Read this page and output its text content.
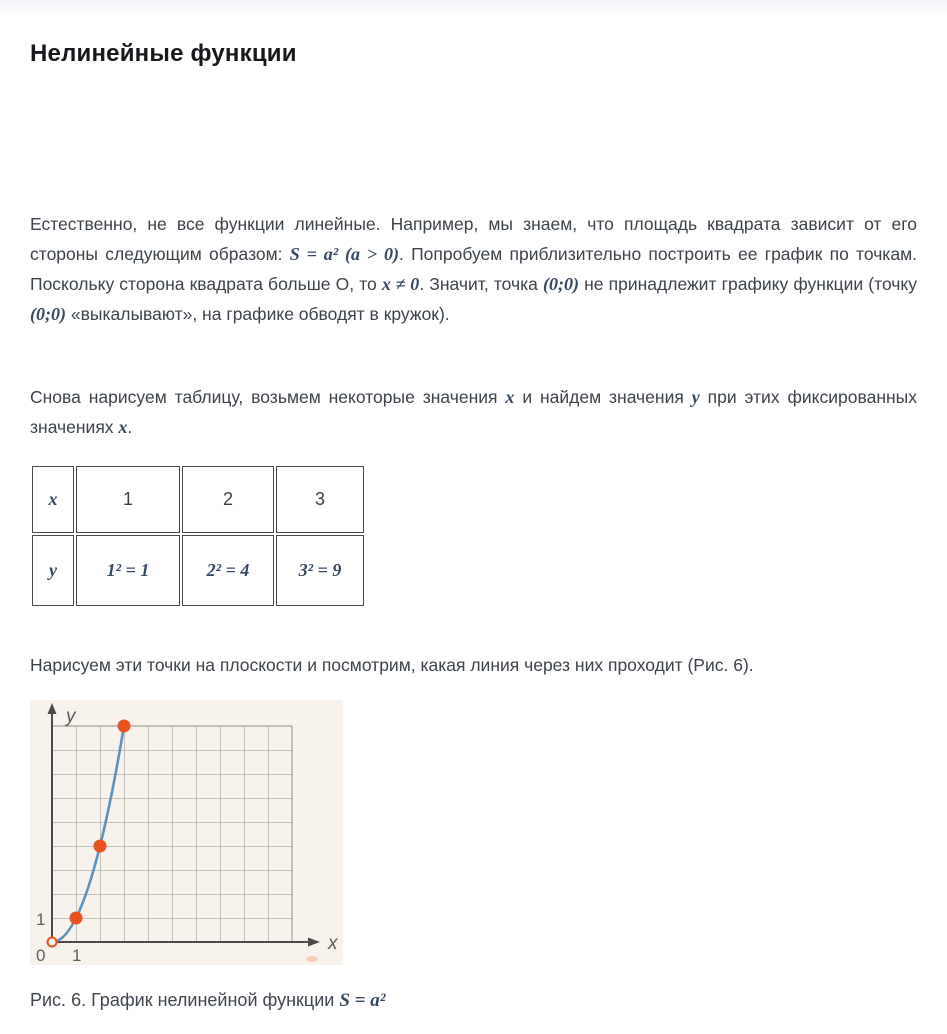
Нелинейные функции

Естественно, не все функции линейные. Например, мы знаем, что площадь квадрата зависит от его стороны следующим образом: S = a² (a > 0). Попробуем приблизительно построить ее график по точкам. Поскольку сторона квадрата больше О, то x ≠ 0. Значит, точка (0;0) не принадлежит графику функции (точку (0;0) «выкалывают», на графике обводят в кружок).

Снова нарисуем таблицу, возьмем некоторые значения x и найдем значения y при этих фиксированных значениях x.

x	1	2	3
y	1² = 1	2² = 4	3² = 9

Нарисуем эти точки на плоскости и посмотрим, какая линия через них проходит (Рис. 6).

y
x
1
0 1

Рис. 6. График нелинейной функции S = a²
